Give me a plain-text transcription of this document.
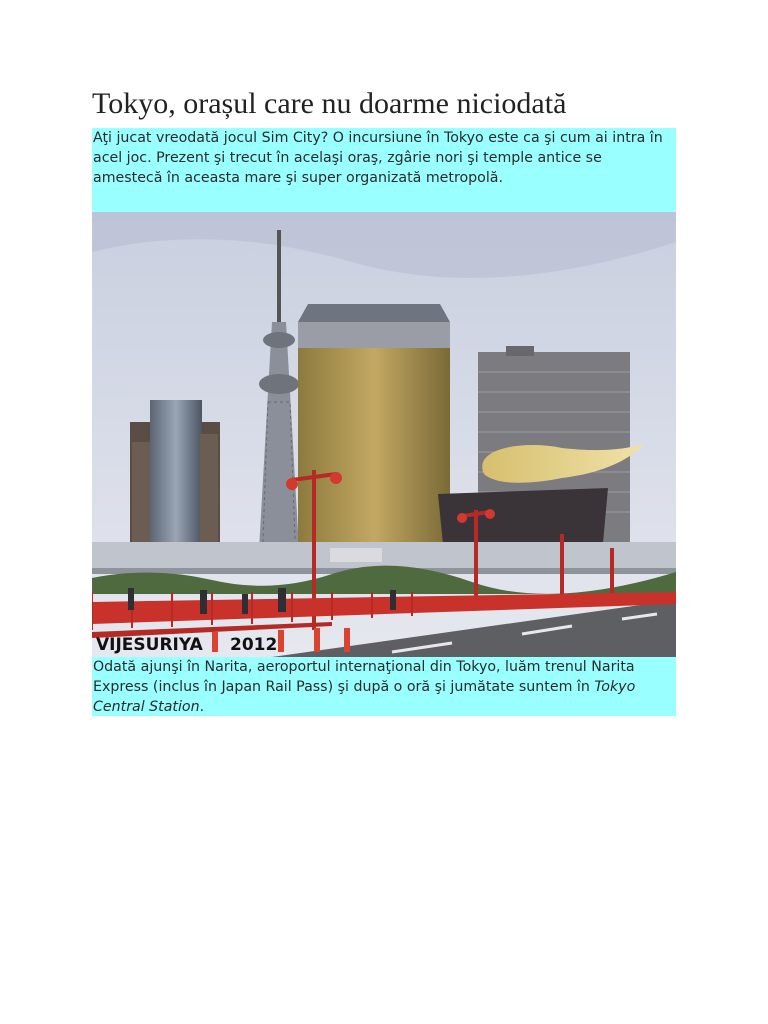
Tokyo, orașul care nu doarme niciodată
Aţi jucat vreodată jocul Sim City? O incursiune în Tokyo este ca şi cum ai intra în acel joc. Prezent şi trecut în acelaşi oraş, zgârie nori şi temple antice se amestecă în aceasta mare şi super organizată metropolă.
VIJESURIYA 2012
Odată ajunşi în Narita, aeroportul internaţional din Tokyo, luăm trenul Narita Express (inclus în Japan Rail Pass) şi după o oră şi jumătate suntem în Tokyo Central Station.
